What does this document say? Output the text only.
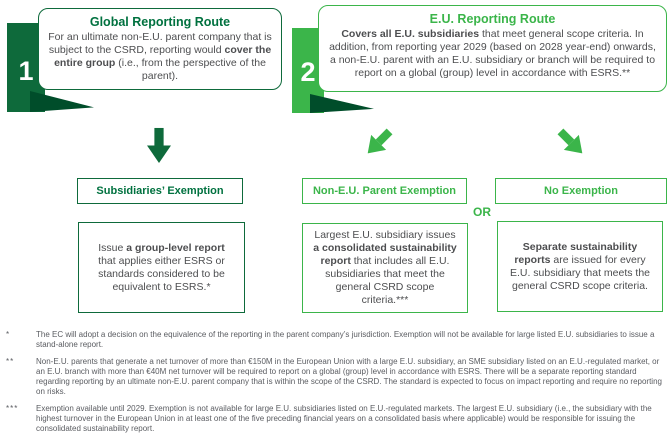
1
Global Reporting Route
For an ultimate non-E.U. parent company that is subject to the CSRD, reporting would cover the entire group (i.e., from the perspective of the parent).	2
E.U. Reporting Route
Covers all E.U. subsidiaries that meet general scope criteria. In addition, from reporting year 2029 (based on 2028 year-end) onwards, a non-E.U. parent with an E.U. subsidiary or branch will be required to report on a global (group) level in accordance with ESRS.**
Subsidiaries’ Exemption	Non-E.U. Parent Exemption	No Exemption
OR
Issue a group-level report that applies either ESRS or standards considered to be equivalent to ESRS.*
Largest E.U. subsidiary issues a consolidated sustainability report that includes all E.U. subsidiaries that meet the general CSRD scope criteria.***
Separate sustainability reports are issued for every E.U. subsidiary that meets the general CSRD scope criteria.
*	The EC will adopt a decision on the equivalence of the reporting in the parent company’s jurisdiction. Exemption will not be available for large listed E.U. subsidiaries to issue a stand-alone report.
**	Non-E.U. parents that generate a net turnover of more than €150M in the European Union with a large E.U. subsidiary, an SME subsidiary listed on an E.U.-regulated market, or an E.U. branch with more than €40M net turnover will be required to report on a global (group) level in accordance with ESRS. There will be a separate reporting standard regarding reporting by an ultimate non-E.U. parent company that is within the scope of the CSRD. The standard is expected to focus on impact reporting and require no reporting on risks.
***	Exemption available until 2029. Exemption is not available for large E.U. subsidiaries listed on E.U.-regulated markets. The largest E.U. subsidiary (i.e., the subsidiary with the highest turnover in the European Union in at least one of the five preceding financial years on a consolidated basis where applicable) would be responsible for issuing the consolidated sustainability report.
